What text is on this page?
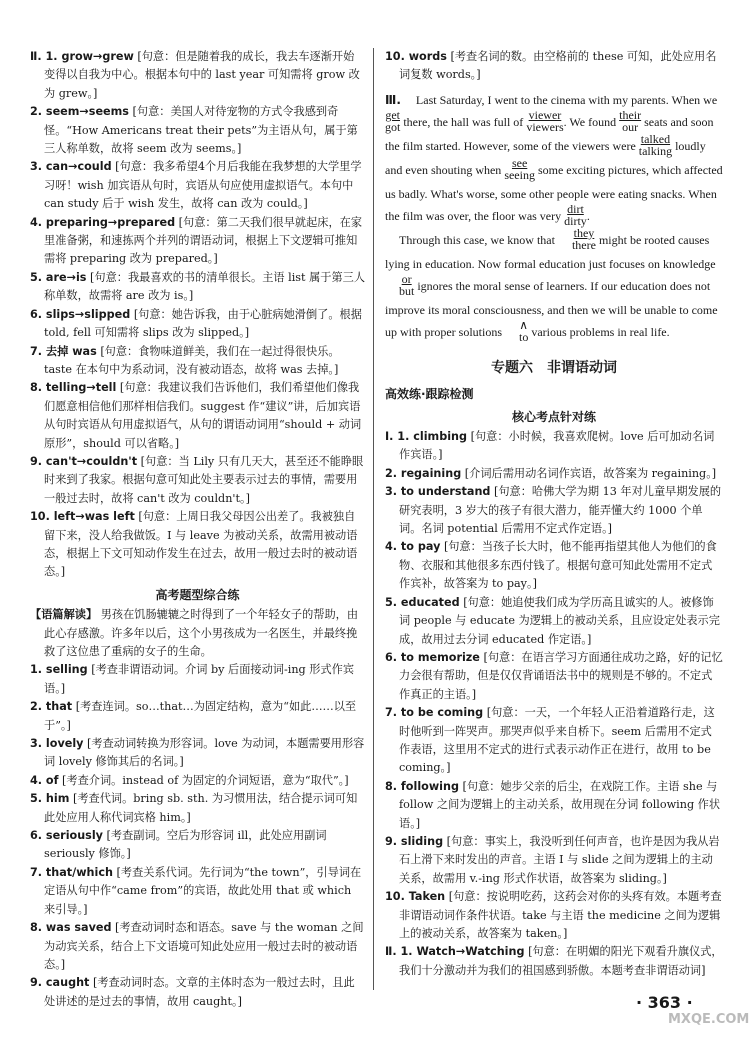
Ⅱ. 1. grow→grew [句意：但是随着我的成长，我去车逐渐开始变得以自我为中心。根据本句中的 last year 可知需将 grow 改为 grew。]

2. seem→seems [句意：美国人对待宠物的方式令我感到奇怪。“How Americans treat their pets”为主语从句，属于第三人称单数，故将 seem 改为 seems。]

3. can→could [句意：我多希望4个月后我能在我梦想的大学里学习呀！wish 加宾语从句时，宾语从句应使用虚拟语气。本句中 can study 后于 wish 发生，故将 can 改为 could。]

4. preparing→prepared [句意：第二天我们很早就起床，在家里准备粥，和速拣两个并列的谓语动词，根据上下文逻辑可推知需将 preparing 改为 prepared。]

5. are→is [句意：我最喜欢的书的清单很长。主语 list 属于第三人称单数，故需将 are 改为 is。]

6. slips→slipped [句意：她告诉我，由于心脏病她滑倒了。根据 told, fell 可知需将 slips 改为 slipped。]

7. 去掉 was [句意：食物味道鲜美，我们在一起过得很快乐。taste 在本句中为系动词，没有被动语态，故将 was 去掉。]

8. telling→tell [句意：我建议我们告诉他们，我们希望他们像我们愿意相信他们那样相信我们。suggest 作“建议”讲，后加宾语从句时宾语从句用虚拟语气，从句的谓语动词用“should + 动词原形”，should 可以省略。]

9. can't→couldn't [句意：当 Lily 只有几天大，甚至还不能睁眼时来到了我家。根据句意可知此处主要表示过去的事情，需要用一般过去时，故将 can't 改为 couldn't。]

10. left→was left [句意：上周日我父母因公出差了。我被独自留下来，没人给我做饭。I 与 leave 为被动关系，故需用被动语态，根据上下文可知动作发生在过去，故用一般过去时的被动语态。]

高考题型综合练

【语篇解读】 男孩在饥肠辘辘之时得到了一个年轻女子的帮助，由此心存感激。许多年以后，这个小男孩成为一名医生，并最终挽救了这位患了重病的女子的生命。

1. selling [考查非谓语动词。介词 by 后面接动词-ing 形式作宾语。]

2. that [考查连词。so…that…为固定结构，意为“如此……以至于”。]

3. lovely [考查动词转换为形容词。love 为动词，本题需要用形容词 lovely 修饰其后的名词。]

4. of [考查介词。instead of 为固定的介词短语，意为“取代”。]

5. him [考查代词。bring sb. sth. 为习惯用法，结合提示词可知此处应用人称代词宾格 him。]

6. seriously [考查副词。空后为形容词 ill，此处应用副词 seriously 修饰。]

7. that/which [考查关系代词。先行词为“the town”，引导词在定语从句中作“came from”的宾语，故此处用 that 或 which 来引导。]

8. was saved [考查动词时态和语态。save 与 the woman 之间为动宾关系，结合上下文语境可知此处应用一般过去时的被动语态。]

9. caught [考查动词时态。文章的主体时态为一般过去时，且此处讲述的是过去的事情，故用 caught。]

10. words [考查名词的数。由空格前的 these 可知，此处应用名词复数 words。]

Ⅲ. Last Saturday, I went to the cinema with my parents. When we
get
got there, the hall was full of viewer
viewers . We found their
our seats and soon the film started. However, some of the viewers were talked
talking loudly and even shouting when see
seeing some exciting pictures, which affected us badly. What's worse, some other people were eating snacks. When the film was over, the floor was very dirt
dirty .

Through this case, we know that	they
there might be rooted causes lying in education. Now formal education just focuses on knowledge
or
but ignores the moral sense of learners. If our education does not improve its moral consciousness, and then we will be unable to come up with proper solutions	∧
to various problems in real life.

专题六　非谓语动词

高效练·跟踪检测

核心考点针对练

Ⅰ. 1. climbing [句意：小时候，我喜欢爬树。love 后可加动名词作宾语。]

2. regaining [介词后需用动名词作宾语，故答案为 regaining。]

3. to understand [句意：哈佛大学为期 13 年对儿童早期发展的研究表明，3 岁大的孩子有很大潜力，能弄懂大约 1000 个单词。名词 potential 后需用不定式作定语。]

4. to pay [句意：当孩子长大时，他不能再指望其他人为他们的食物、衣服和其他很多东西付钱了。根据句意可知此处需用不定式作宾补，故答案为 to pay。]

5. educated [句意：她追使我们成为学历高且诚实的人。被修饰词 people 与 educate 为逻辑上的被动关系，且应设定处表示完成，故用过去分词 educated 作定语。]

6. to memorize [句意：在语言学习方面通往成功之路，好的记忆力会很有帮助，但是仅仅背诵语法书中的规则是不够的。不定式作真正的主语。]

7. to be coming [句意：一天，一个年轻人正沿着道路行走，这时他听到一阵哭声。那哭声似乎来自桥下。seem 后需用不定式作表语，这里用不定式的进行式表示动作正在进行，故用 to be coming。]

8. following [句意：她步父亲的后尘，在戏院工作。主语 she 与 follow 之间为逻辑上的主动关系，故用现在分词 following 作状语。]

9. sliding [句意：事实上，我没听到任何声音，也许是因为我从岩石上滑下来时发出的声音。主语 I 与 slide 之间为逻辑上的主动关系，故需用 v.-ing 形式作状语，故答案为 sliding。]

10. Taken [句意：按说明吃药，这药会对你的头疼有效。本题考查非谓语动词作条件状语。take 与主语 the medicine 之间为逻辑上的被动关系，故答案为 taken。]

Ⅱ. 1. Watch→Watching [句意：在明媚的阳光下观看升旗仪式，我们十分激动并为我们的祖国感到骄傲。本题考查非谓语动词]

· 363 ·
MXQE.COM
